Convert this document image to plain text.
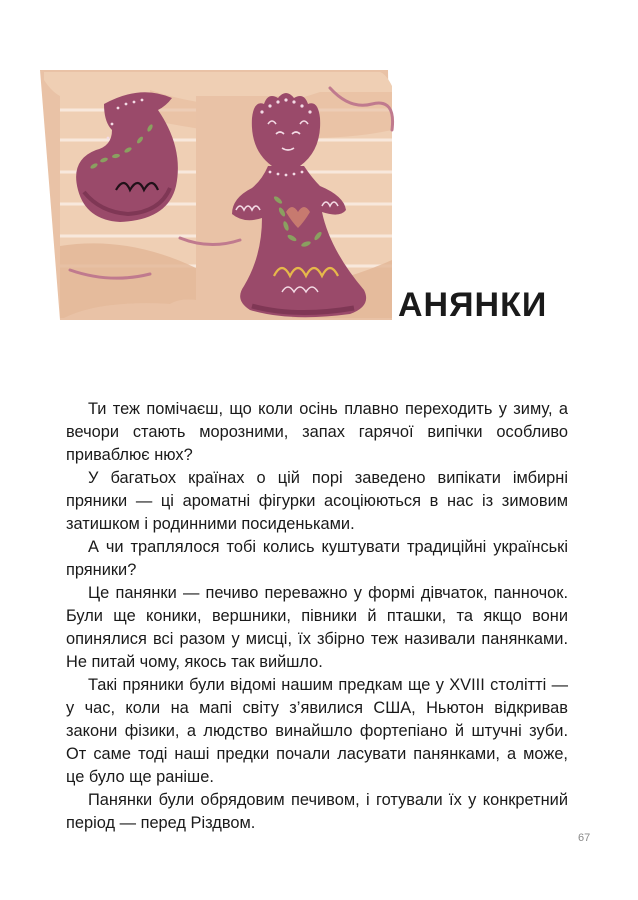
П	АНЯНКИ

Ти теж помічаєш, що коли осінь плавно переходить у зиму, а вечори стають морозними, запах гарячої випічки особливо приваблює нюх?

У багатьох країнах о цій порі заведено випікати імбирні пряники — ці ароматні фігурки асоціюються в нас із зимовим затишком і родинними посиденьками.

А чи траплялося тобі колись куштувати традиційні українські пряники?

Це панянки — печиво переважно у формі дівчаток, панночок. Були ще коники, вершники, півники й пташки, та якщо вони опинялися всі разом у мисці, їх збірно теж називали панянками. Не питай чому, якось так вийшло.

Такі пряники були відомі нашим предкам ще у XVIII столітті — у час, коли на мапі світу з’явилися США, Ньютон відкривав закони фізики, а людство винайшло фортепіано й штучні зуби. От саме тоді наші предки почали ласувати панянками, а може, це було ще раніше.

Панянки були обрядовим печивом, і готували їх у конкретний період — перед Різдвом.

67
